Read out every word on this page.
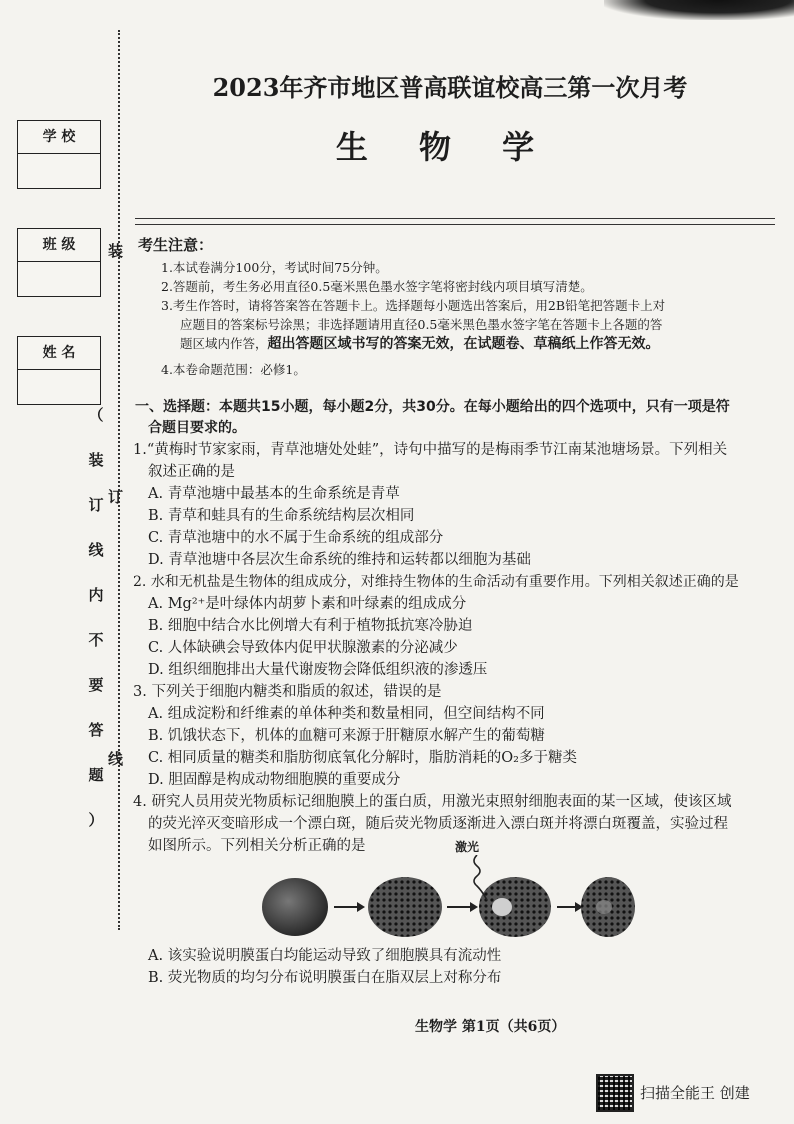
学 校
班 级
姓 名
装
订
线
（
装
订
线
内
不
要
答
题
）
2023年齐市地区普高联谊校高三第一次月考
生 物 学
考生注意：
1.本试卷满分100分，考试时间75分钟。
2.答题前，考生务必用直径0.5毫米黑色墨水签字笔将密封线内项目填写清楚。
3.考生作答时，请将答案答在答题卡上。选择题每小题选出答案后，用2B铅笔把答题卡上对
应题目的答案标号涂黑；非选择题请用直径0.5毫米黑色墨水签字笔在答题卡上各题的答
题区域内作答，超出答题区域书写的答案无效，在试题卷、草稿纸上作答无效。
4.本卷命题范围：必修1。
一、选择题：本题共15小题，每小题2分，共30分。在每小题给出的四个选项中，只有一项是符
合题目要求的。
1.“黄梅时节家家雨，青草池塘处处蛙”，诗句中描写的是梅雨季节江南某池塘场景。下列相关
叙述正确的是
A. 青草池塘中最基本的生命系统是青草
B. 青草和蛙具有的生命系统结构层次相同
C. 青草池塘中的水不属于生命系统的组成部分
D. 青草池塘中各层次生命系统的维持和运转都以细胞为基础
2. 水和无机盐是生物体的组成成分，对维持生物体的生命活动有重要作用。下列相关叙述正确的是
A. Mg²⁺是叶绿体内胡萝卜素和叶绿素的组成成分
B. 细胞中结合水比例增大有利于植物抵抗寒冷胁迫
C. 人体缺碘会导致体内促甲状腺激素的分泌减少
D. 组织细胞排出大量代谢废物会降低组织液的渗透压
3. 下列关于细胞内糖类和脂质的叙述，错误的是
A. 组成淀粉和纤维素的单体种类和数量相同，但空间结构不同
B. 饥饿状态下，机体的血糖可来源于肝糖原水解产生的葡萄糖
C. 相同质量的糖类和脂肪彻底氧化分解时，脂肪消耗的O₂多于糖类
D. 胆固醇是构成动物细胞膜的重要成分
4. 研究人员用荧光物质标记细胞膜上的蛋白质，用激光束照射细胞表面的某一区域，使该区域
的荧光淬灭变暗形成一个漂白斑，随后荧光物质逐渐进入漂白斑并将漂白斑覆盖，实验过程
如图所示。下列相关分析正确的是	激光
A. 该实验说明膜蛋白均能运动导致了细胞膜具有流动性
B. 荧光物质的均匀分布说明膜蛋白在脂双层上对称分布
生物学 第1页（共6页）
扫描全能王 创建
